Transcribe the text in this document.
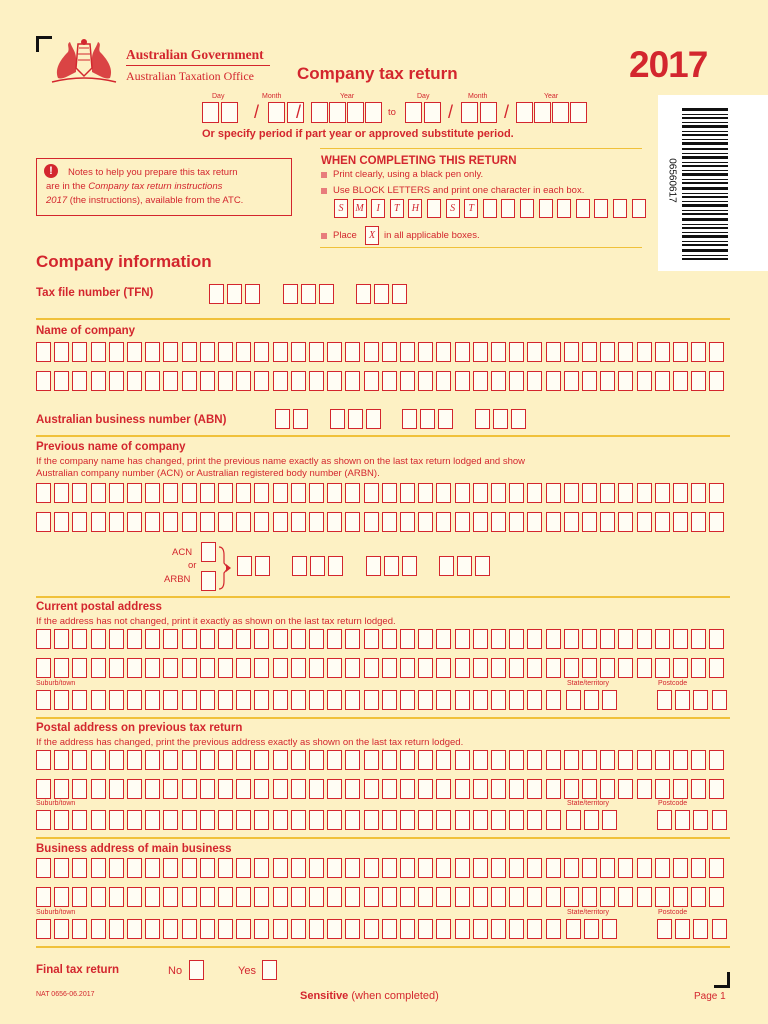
Australian Government
Australian Taxation Office	Company tax return	2017
06560617
Day	Month	Year	Day	Month	Year
/ /	to	/	/
Or specify period if part year or approved substitute period.
!	Notes to help you prepare this tax return
are in the Company tax return instructions
2017 (the instructions), available from the ATC.
WHEN COMPLETING THIS RETURN
Print clearly, using a black pen only.
Use BLOCK LETTERS and print one character in each box.
S	M	I	T	H	S	T
Place	X in all applicable boxes.
Company information
Tax file number (TFN)
Name of company
Australian business number (ABN)
Previous name of company
If the company name has changed, print the previous name exactly as shown on the last tax return lodged and show
Australian company number (ACN) or Australian registered body number (ARBN).
ACN
or
ARBN
Current postal address
If the address has not changed, print it exactly as shown on the last tax return lodged.
Suburb/town	State/territory	Postcode
Postal address on previous tax return
If the address has changed, print the previous address exactly as shown on the last tax return lodged.
Suburb/town	State/territory	Postcode
Business address of main business
Suburb/town	State/territory	Postcode
Final tax return	No	Yes
NAT 0656-06.2017	Sensitive (when completed)	Page 1
